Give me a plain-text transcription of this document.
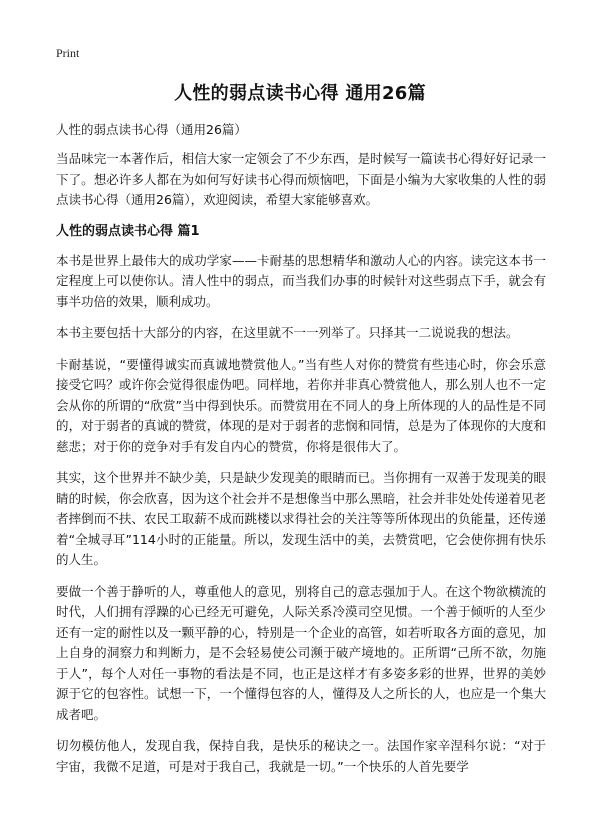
Print
人性的弱点读书心得 通用26篇

人性的弱点读书心得（通用26篇）

当品味完一本著作后，相信大家一定领会了不少东西，是时候写一篇读书心得好好记录一下了。想必许多人都在为如何写好读书心得而烦恼吧，下面是小编为大家收集的人性的弱点读书心得（通用26篇），欢迎阅读，希望大家能够喜欢。

人性的弱点读书心得 篇1

本书是世界上最伟大的成功学家——卡耐基的思想精华和激动人心的内容。读完这本书一定程度上可以使你认。清人性中的弱点，而当我们办事的时候针对这些弱点下手，就会有事半功倍的效果，顺利成功。

本书主要包括十大部分的内容，在这里就不一一列举了。只择其一二说说我的想法。

卡耐基说，“要懂得诚实而真诚地赞赏他人。”当有些人对你的赞赏有些违心时，你会乐意接受它吗？或许你会觉得很虚伪吧。同样地，若你并非真心赞赏他人，那么别人也不一定会从你的所谓的“欣赏”当中得到快乐。而赞赏用在不同人的身上所体现的人的品性是不同的，对于弱者的真诚的赞赏，体现的是对于弱者的悲悯和同情，总是为了体现你的大度和慈悲；对于你的竞争对手有发自内心的赞赏，你将是很伟大了。

其实，这个世界并不缺少美，只是缺少发现美的眼睛而已。当你拥有一双善于发现美的眼睛的时候，你会欣喜，因为这个社会并不是想像当中那么黑暗，社会并非处处传递着见老者摔倒而不扶、农民工取薪不成而跳楼以求得社会的关注等等所体现出的负能量，还传递着“全城寻耳”114小时的正能量。所以，发现生活中的美，去赞赏吧，它会使你拥有快乐的人生。

要做一个善于静听的人，尊重他人的意见，别将自己的意志强加于人。在这个物欲横流的时代，人们拥有浮躁的心已经无可避免，人际关系冷漠司空见惯。一个善于倾听的人至少还有一定的耐性以及一颗平静的心，特别是一个企业的高管，如若听取各方面的意见，加上自身的洞察力和判断力，是不会轻易使公司濒于破产境地的。正所谓“己所不欲，勿施于人”，每个人对任一事物的看法是不同，也正是这样才有多姿多彩的世界，世界的美妙源于它的包容性。试想一下，一个懂得包容的人，懂得及人之所长的人，也应是一个集大成者吧。

切勿模仿他人，发现自我，保持自我，是快乐的秘诀之一。法国作家辛涅科尔说：“对于宇宙，我微不足道，可是对于我自己，我就是一切。”一个快乐的人首先要学
